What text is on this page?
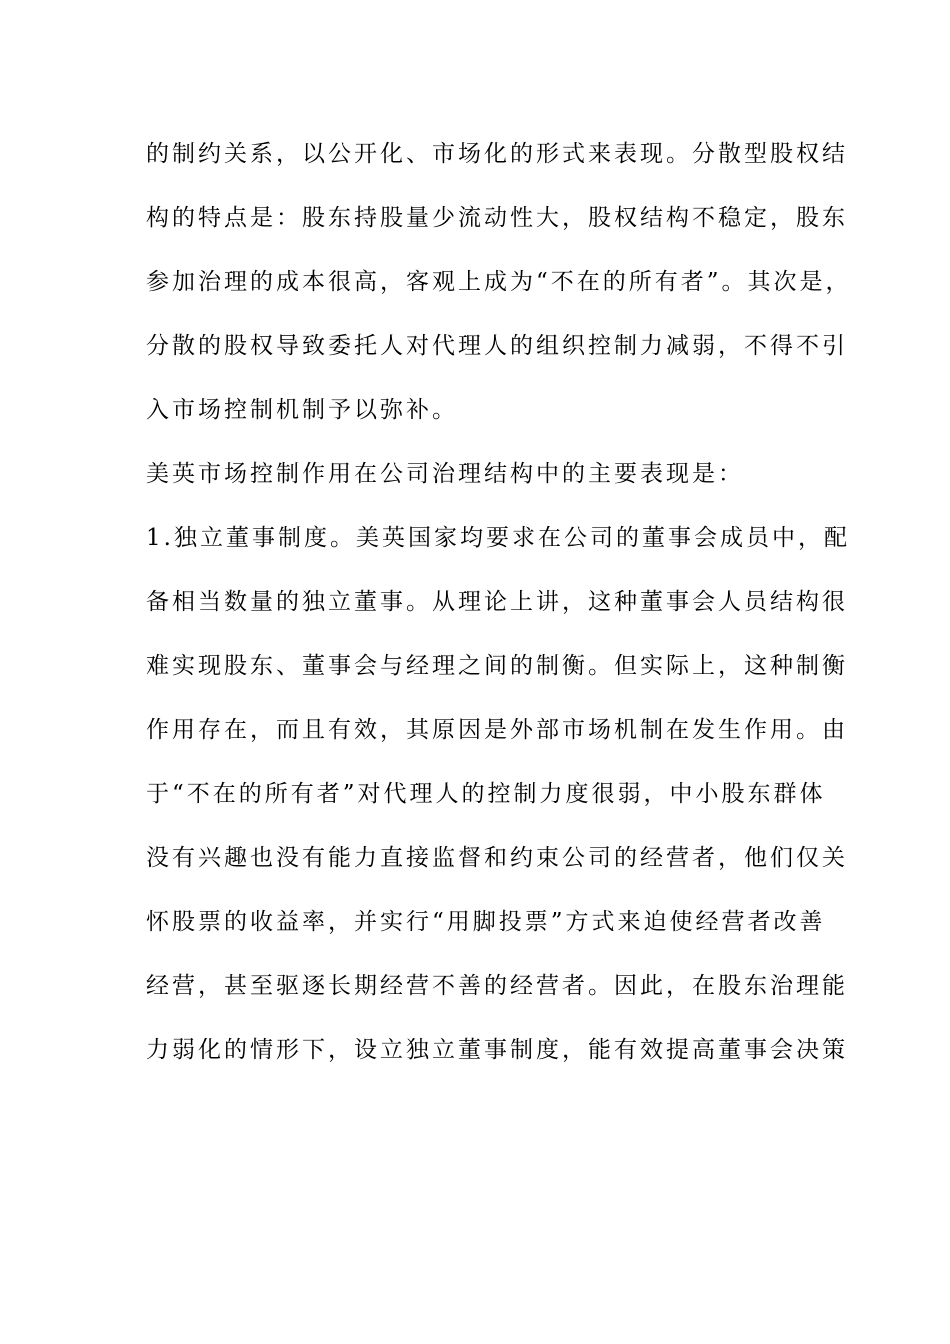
的制约关系，以公开化、市场化的形式来表现。分散型股权结
构的特点是：股东持股量少流动性大，股权结构不稳定，股东
参加治理的成本很高，客观上成为“不在的所有者”。其次是，
分散的股权导致委托人对代理人的组织控制力减弱，不得不引
入市场控制机制予以弥补。
美英市场控制作用在公司治理结构中的主要表现是：
1.独立董事制度。美英国家均要求在公司的董事会成员中，配
备相当数量的独立董事。从理论上讲，这种董事会人员结构很
难实现股东、董事会与经理之间的制衡。但实际上，这种制衡
作用存在，而且有效，其原因是外部市场机制在发生作用。由
于“不在的所有者”对代理人的控制力度很弱，中小股东群体
没有兴趣也没有能力直接监督和约束公司的经营者，他们仅关
怀股票的收益率，并实行“用脚投票”方式来迫使经营者改善
经营，甚至驱逐长期经营不善的经营者。因此，在股东治理能
力弱化的情形下，设立独立董事制度，能有效提高董事会决策
